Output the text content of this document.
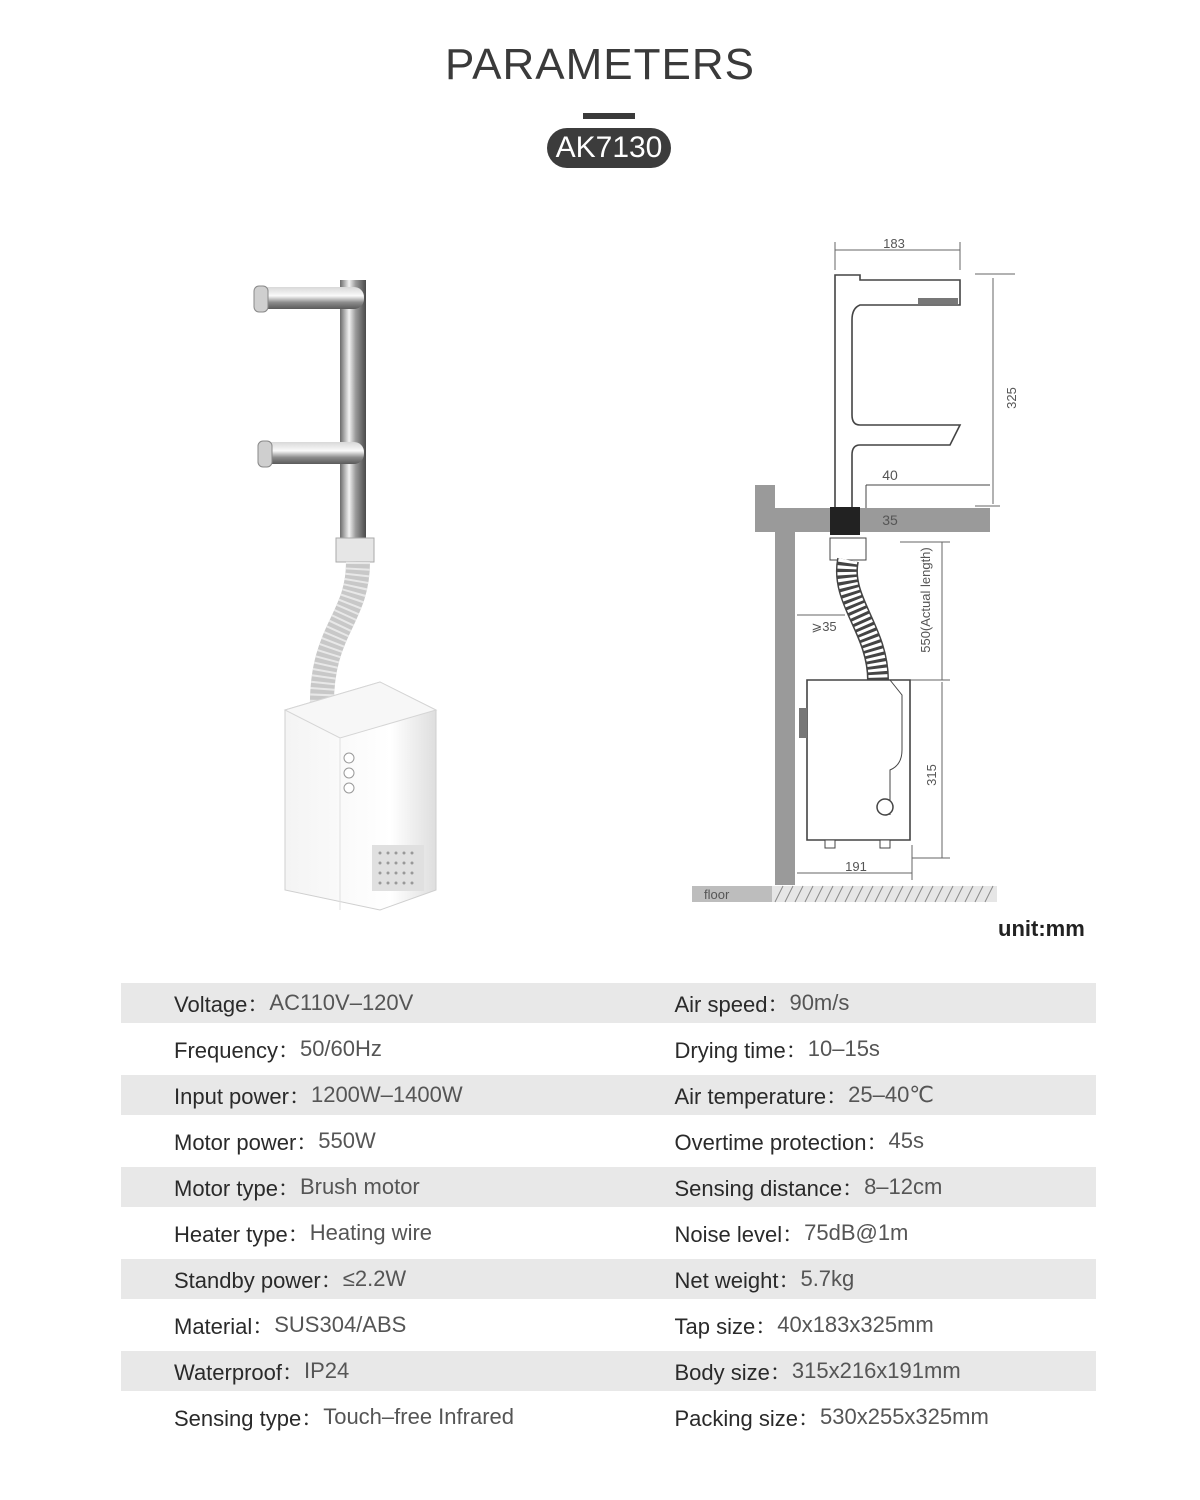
PARAMETERS
AK7130
183
325
40
35
⩾35	550(Actual length)
315
191
floor
unit:mm
Voltage： AC110V–120V	Air speed： 90m/s
Frequency： 50/60Hz	Drying time： 10–15s
Input power： 1200W–1400W	Air temperature： 25–40℃
Motor power： 550W	Overtime protection： 45s
Motor type： Brush motor	Sensing distance： 8–12cm
Heater type： Heating wire	Noise level： 75dB@1m
Standby power： ≤2.2W	Net weight： 5.7kg
Material： SUS304/ABS	Tap size： 40x183x325mm
Waterproof： IP24	Body size： 315x216x191mm
Sensing type： Touch–free Infrared	Packing size： 530x255x325mm
